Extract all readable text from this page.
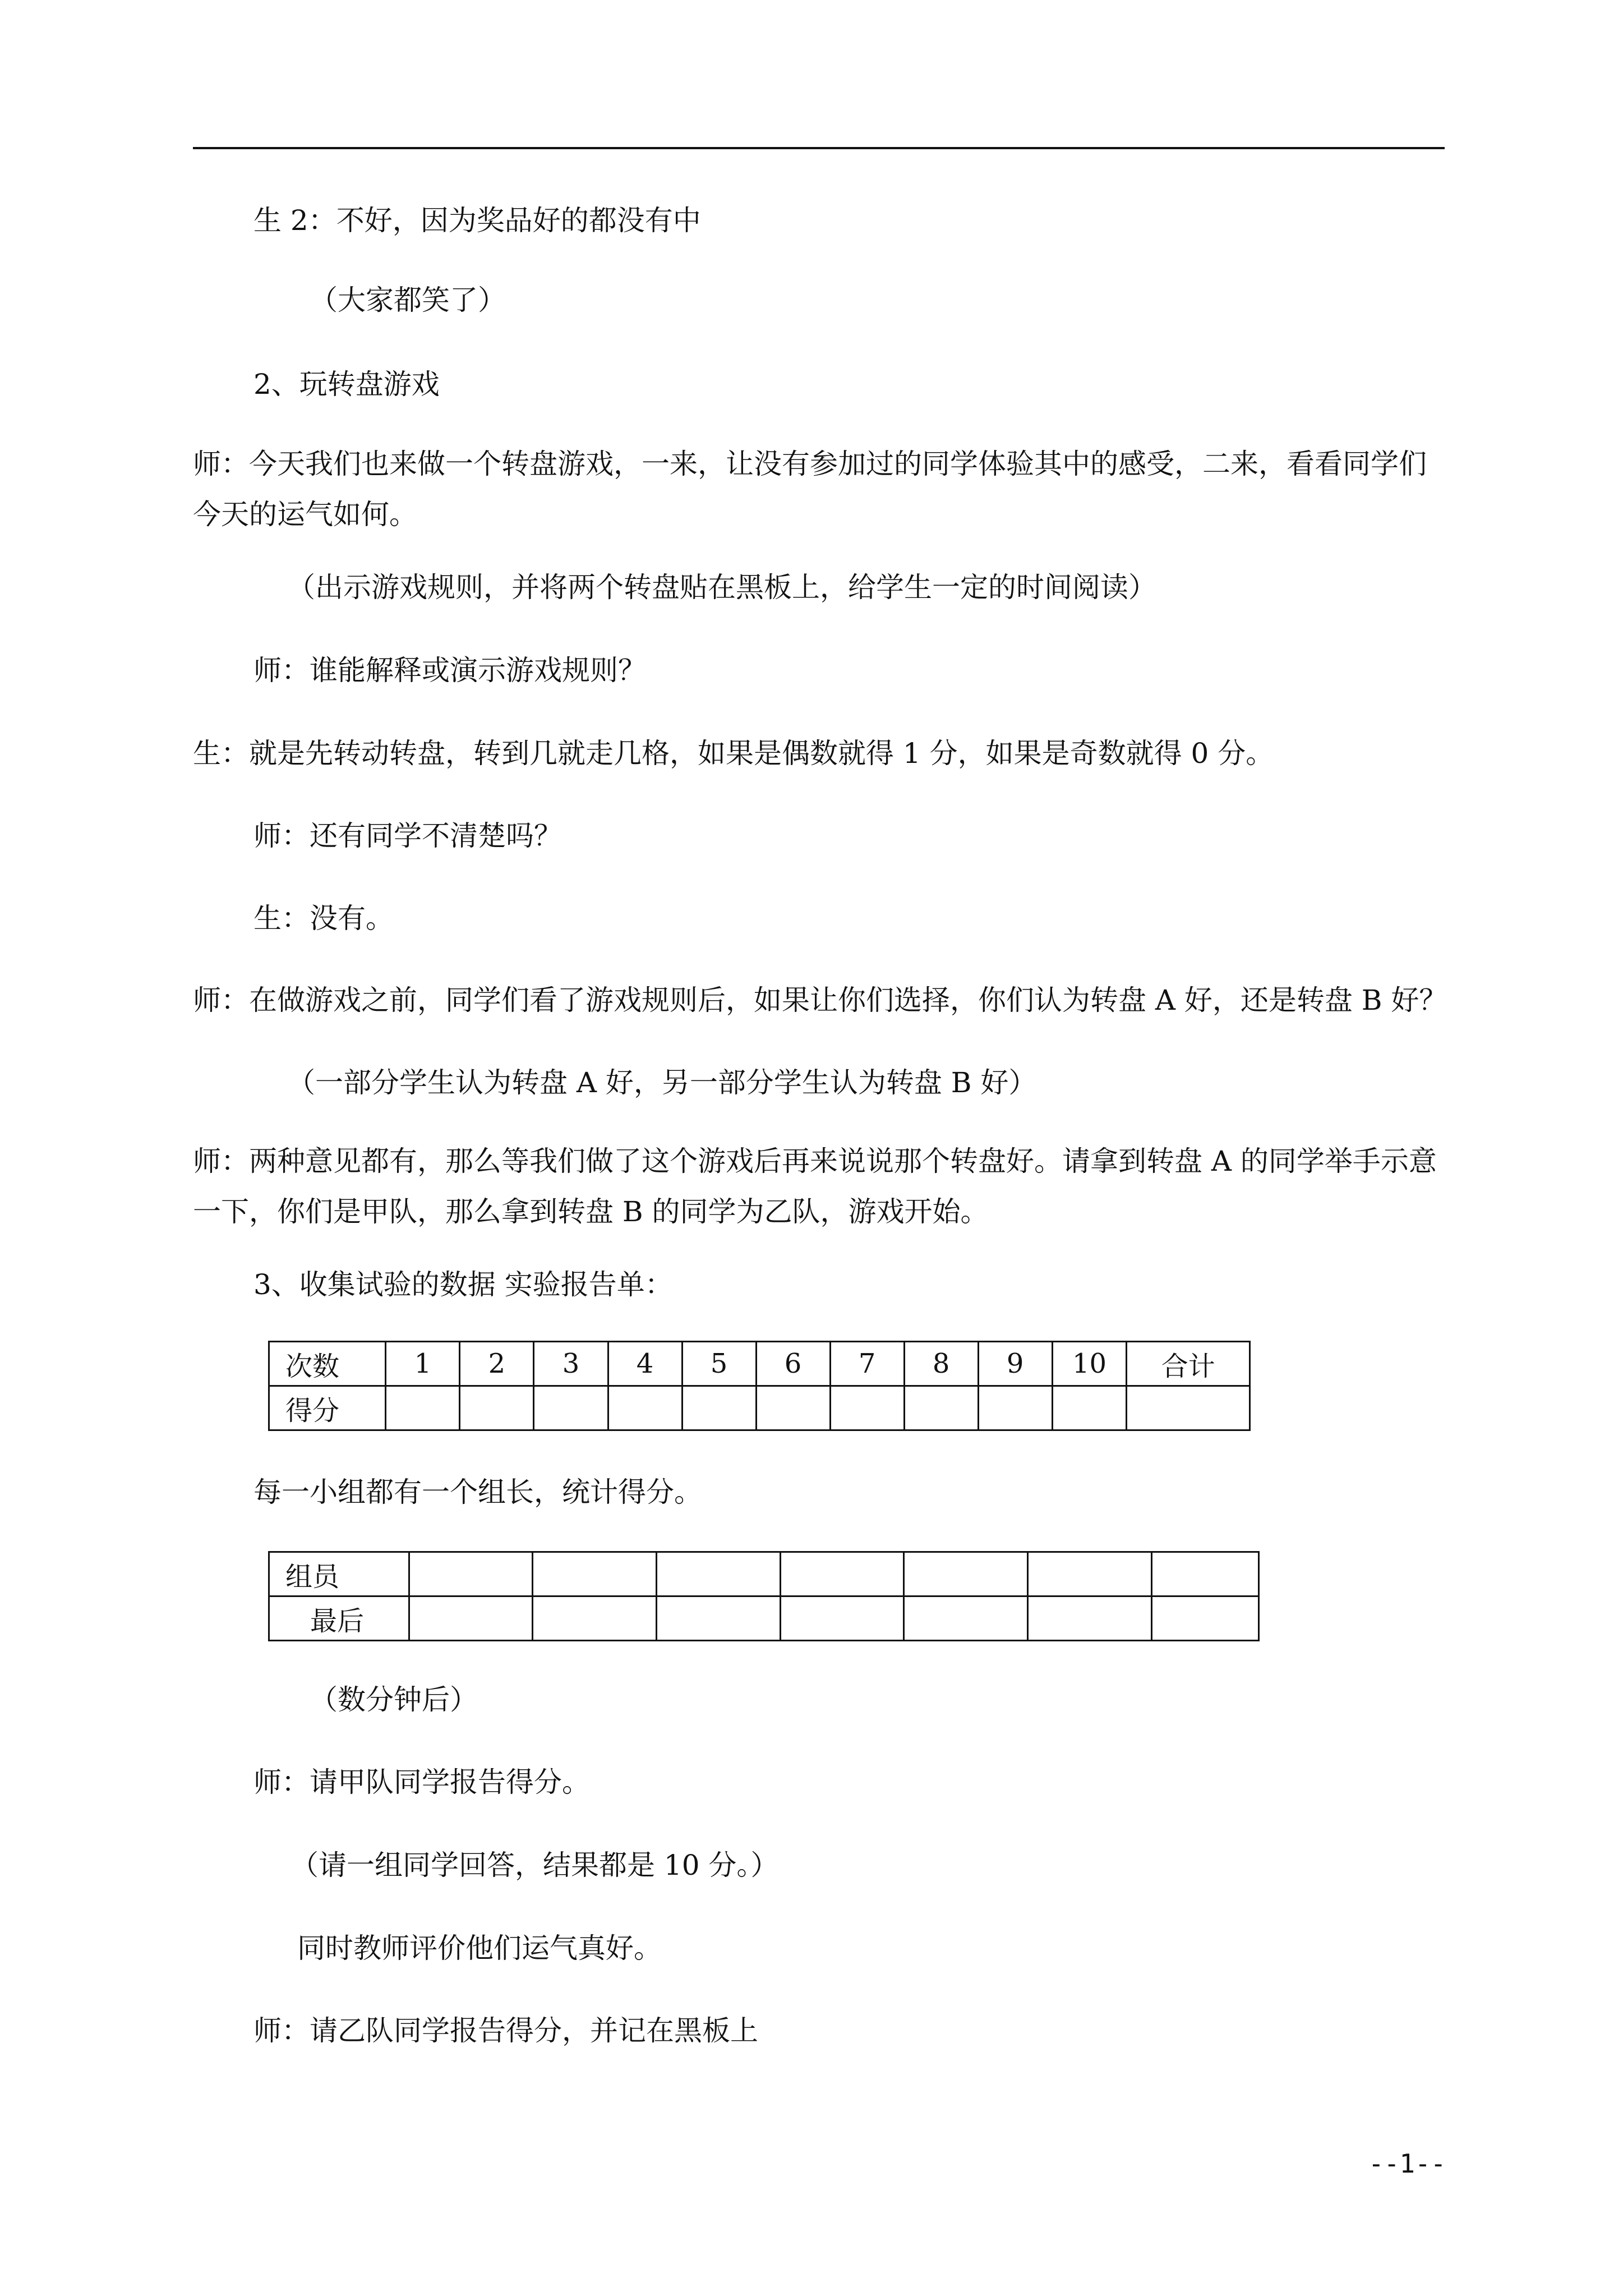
生 2：不好，因为奖品好的都没有中
（大家都笑了）
2、玩转盘游戏
师：今天我们也来做一个转盘游戏，一来，让没有参加过的同学体验其中的感受，二来，看看同学们今天的运气如何。
（出示游戏规则，并将两个转盘贴在黑板上，给学生一定的时间阅读）
师：谁能解释或演示游戏规则？
生：就是先转动转盘，转到几就走几格，如果是偶数就得 1 分，如果是奇数就得 0 分。
师：还有同学不清楚吗？
生：没有。
师：在做游戏之前，同学们看了游戏规则后，如果让你们选择，你们认为转盘 A 好，还是转盘 B 好？
（一部分学生认为转盘 A 好，另一部分学生认为转盘 B 好）
师：两种意见都有，那么等我们做了这个游戏后再来说说那个转盘好。请拿到转盘 A 的同学举手示意一下，你们是甲队，那么拿到转盘 B 的同学为乙队，游戏开始。
3、收集试验的数据 实验报告单：
次数	1	2	3	4	5	6	7	8	9	10	合计
得分											
每一小组都有一个组长，统计得分。
组员							
最后							
（数分钟后）
师：请甲队同学报告得分。
（请一组同学回答，结果都是 10 分。）
同时教师评价他们运气真好。
师：请乙队同学报告得分，并记在黑板上
--1--
